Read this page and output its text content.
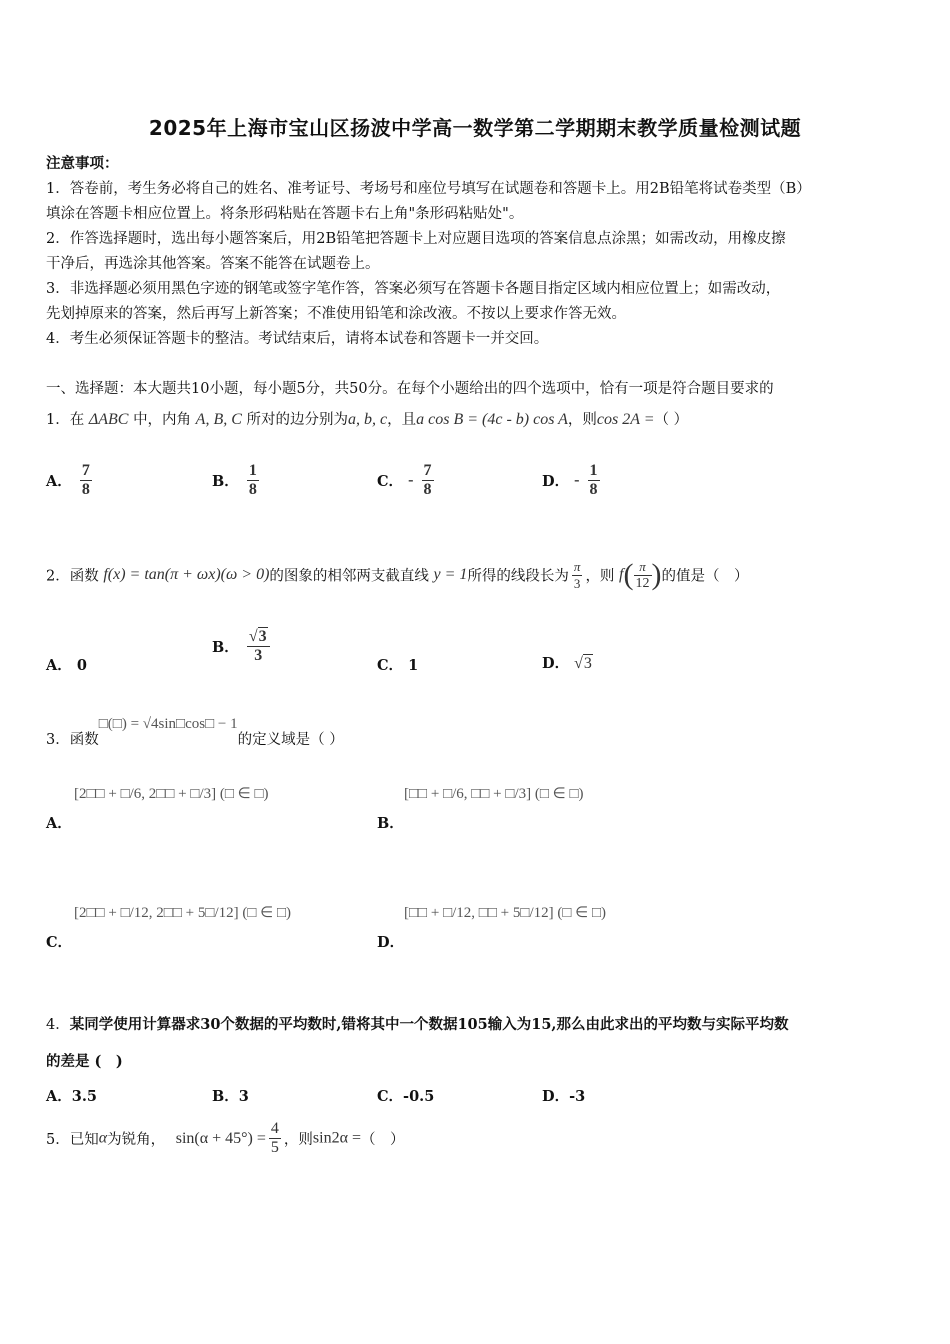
2025年上海市宝山区扬波中学高一数学第二学期期末教学质量检测试题
注意事项：
1．答卷前，考生务必将自己的姓名、准考证号、考场号和座位号填写在试题卷和答题卡上。用2B铅笔将试卷类型（B）
填涂在答题卡相应位置上。将条形码粘贴在答题卡右上角"条形码粘贴处"。
2．作答选择题时，选出每小题答案后，用2B铅笔把答题卡上对应题目选项的答案信息点涂黑；如需改动，用橡皮擦
干净后，再选涂其他答案。答案不能答在试题卷上。
3．非选择题必须用黑色字迹的钢笔或签字笔作答，答案必须写在答题卡各题目指定区域内相应位置上；如需改动，
先划掉原来的答案，然后再写上新答案；不准使用铅笔和涂改液。不按以上要求作答无效。
4．考生必须保证答题卡的整洁。考试结束后，请将本试卷和答题卡一并交回。
一、选择题：本大题共10小题，每小题5分，共50分。在每个小题给出的四个选项中，恰有一项是符合题目要求的
1．在 ΔABC 中，内角 A, B, C 所对的边分别为a, b, c，且a cos B = (4c - b) cos A，则cos 2A =（ ）
A． $\frac{7}{8}$	B． $\frac{1}{8}$	C． - $\frac{7}{8}$	D． - $\frac{1}{8}$
2．函数 f(x) = tan(π + ωx)(ω > 0)的图象的相邻两支截直线 y = 1所得的线段长为 $\frac{\pi}{3}$ ，则 $f( \frac{\pi}{12}$ )的值是（　）
A． 0
B． $\frac{√3}{3}$
C． 1	D． √3
3．函数□(□) = √4sin□cos□ − 1的定义域是（ ）
[2□□ + □/6, 2□□ + □/3] (□ ∈ □)
A．
[□□ + □/6, □□ + □/3] (□ ∈ □)
B．
[2□□ + □/12, 2□□ + 5□/12] (□ ∈ □)
C．
[□□ + □/12, □□ + 5□/12] (□ ∈ □)
D．
4．某同学使用计算器求30个数据的平均数时,错将其中一个数据105输入为15,那么由此求出的平均数与实际平均数
的差是 (　)
A．3.5	B．3	C．-0.5	D．-3
5．已知α为锐角， $\sin(\alpha + 45^\circ) = \frac{4}{5}$ ，则sin2α =（　）
